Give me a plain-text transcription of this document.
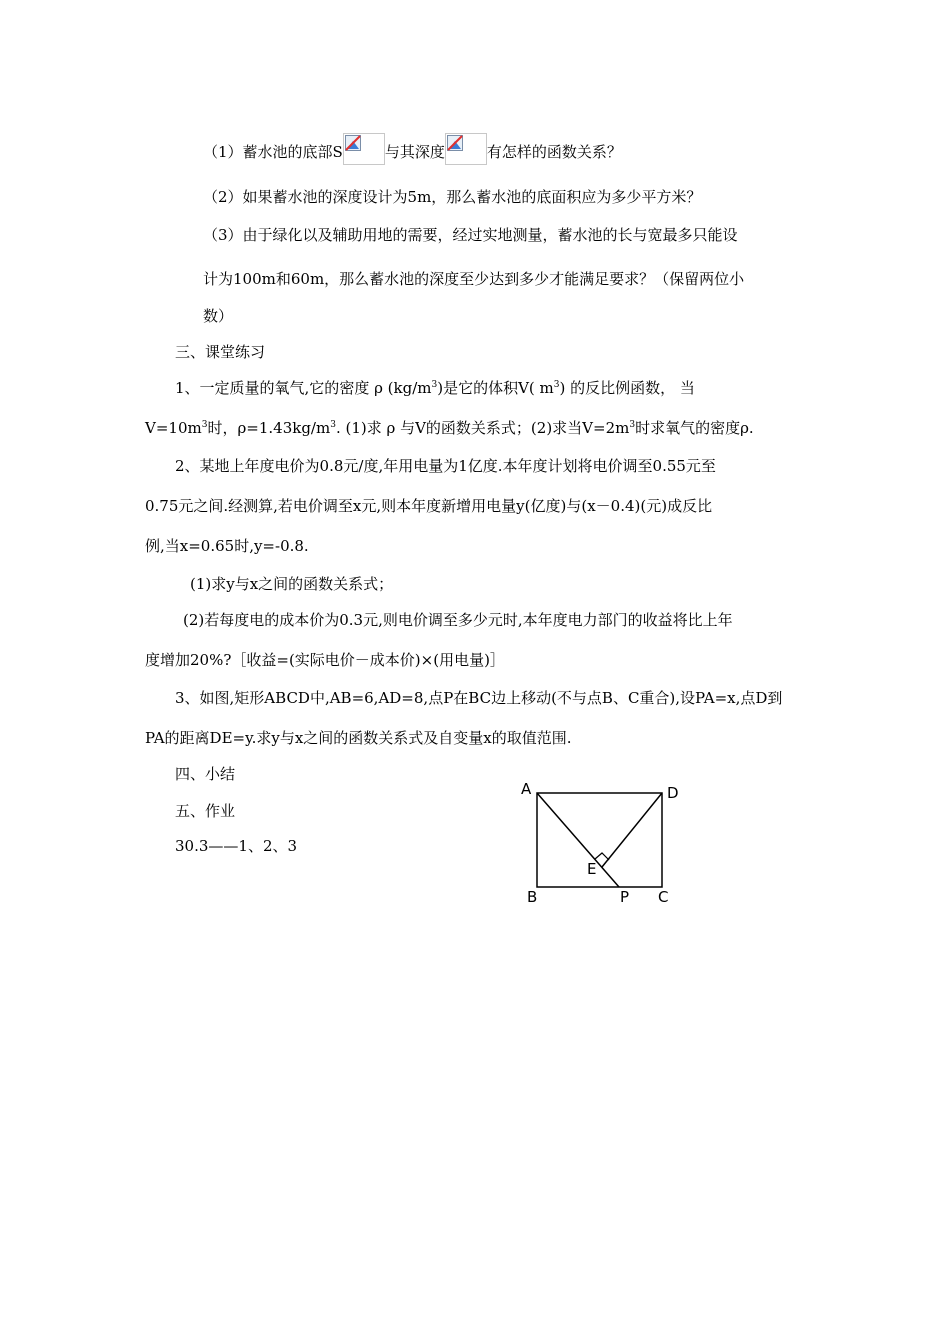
（1）蓄水池的底部S	与其深度	有怎样的函数关系？
（2）如果蓄水池的深度设计为5m，那么蓄水池的底面积应为多少平方米？
（3）由于绿化以及辅助用地的需要，经过实地测量，蓄水池的长与宽最多只能设
计为100m和60m，那么蓄水池的深度至少达到多少才能满足要求？（保留两位小
数）
三、课堂练习
1、一定质量的氧气,它的密度 ρ $(kg/m^3)$是它的体积V( $m^3$) 的反比例函数， 当
$V=10m^3$时，$\rho=1.43kg/m^3$. (1)求 ρ 与V的函数关系式；(2)求当$V=2m^3$时求氧气的密度ρ.
2、某地上年度电价为0.8元/度,年用电量为1亿度.本年度计划将电价调至0.55元至
0.75元之间.经测算,若电价调至x元,则本年度新增用电量y(亿度)与(x－0.4)(元)成反比
例,当x=0.65时,y=-0.8.
(1)求y与x之间的函数关系式；
(2)若每度电的成本价为0.3元,则电价调至多少元时,本年度电力部门的收益将比上年
度增加20%?［收益=(实际电价－成本价)×(用电量)］
3、如图,矩形ABCD中,AB=6,AD=8,点P在BC边上移动(不与点B、C重合),设PA=x,点D到
PA的距离DE=y.求y与x之间的函数关系式及自变量x的取值范围.
四、小结
五、作业
30.3——1、2、3
A	D
E
B	P C
